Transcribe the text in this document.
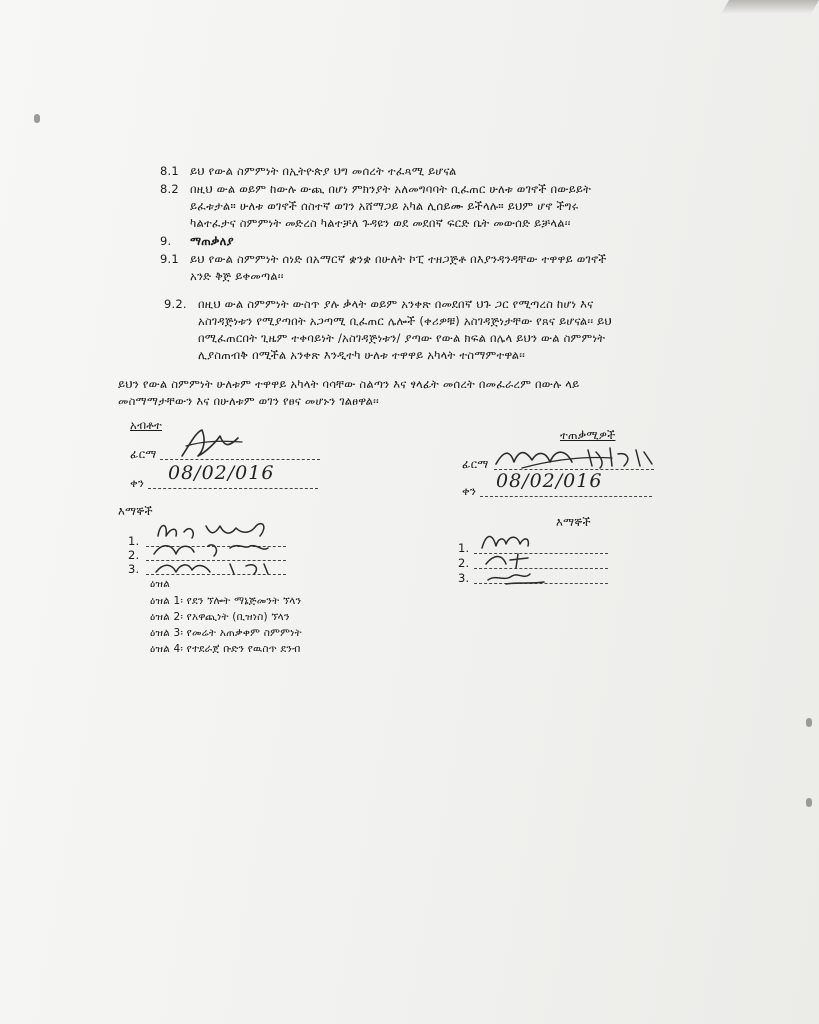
8.1 ይህ የውል ስምምነት በኢትዮጵያ ህግ መሰረት ተፈጻሚ ይሆናል
8.2 በዚህ ውል ወይም ከውሉ ውጪ በሆነ ምክንያት አለመግባባት ቢፈጠር ሁለቱ ወገኖች በውይይት
ይፈቱታል። ሁለቱ ወገኖች ሰስተኛ ወገን አሸማጋይ አካል ሊሰይሙ ይችላሉ። ይህም ሆኖ ችግሩ
ካልተፈታና ስምምነት መድረስ ካልተቻለ ጉዳዩን ወደ መደበኛ ፍርድ ቤት መውሰድ ይቻላል፡፡
9. ማጠቃለያ
9.1 ይህ የውል ስምምነት ሰነድ በአማርኛ ቋንቋ በሁለት ኮፒ ተዘጋጅቶ በእያንዳንዳቸው ተዋዋይ ወገኖች
አንድ ቅጅ ይቀመጣል፡፡
9.2. በዚህ ውል ስምምነት ውስጥ ያሉ ቃላት ወይም አንቀጽ በመደበኛ ህጉ ጋር የሚጣረስ ከሆነ እና
አስገዳጅነቱን የሚያጣበት አጋጣሚ ቢፈጠር ሌሎች (ቀሪዎቹ) አስገዳጅነታቸው የጸና ይሆናል፡፡ ይህ
በሚፈጠርበት ጊዜም ተቀባይነት /አስገዳጅነቱን/ ያጣው የውል ክፍል በሌላ ይህን ውል ስምምነት
ሊያስጠብቅ በሚችል አንቀጽ እንዲተካ ሁለቱ ተዋዋይ አካላት ተስማምተዋል፡፡
ይህን የውል ስምምነት ሁለቱም ተዋዋይ አካላት ባሳቸው ስልጣን እና ፃላፊት መሰረት በመፈራረም በውሉ ላይ
መስማማታቸውን እና በሁለቱም ወገን የፀና መሆኑን ገልፀዋል፡፡
አብቶተ
ፊርማ
ቀን 08/02/016
ተጠቃሚዎች
ፊርማ
ቀን 08/02/016
እማኞች
1.
2.
3.
እማኞች
1.
2.
3.
ዕዝል
ዕዝል 1፡ የደን ኘሎት ማኔጅመንት ኘላን
ዕዝል 2፡ የአዋጪነት (ቢዝነስ) ኘላን
ዕዝል 3፡ የመሬት አጠቃቀም ስምምነት
ዕዝል 4፡ የተደራጀ ቡድን የዉስጥ ደንብ
